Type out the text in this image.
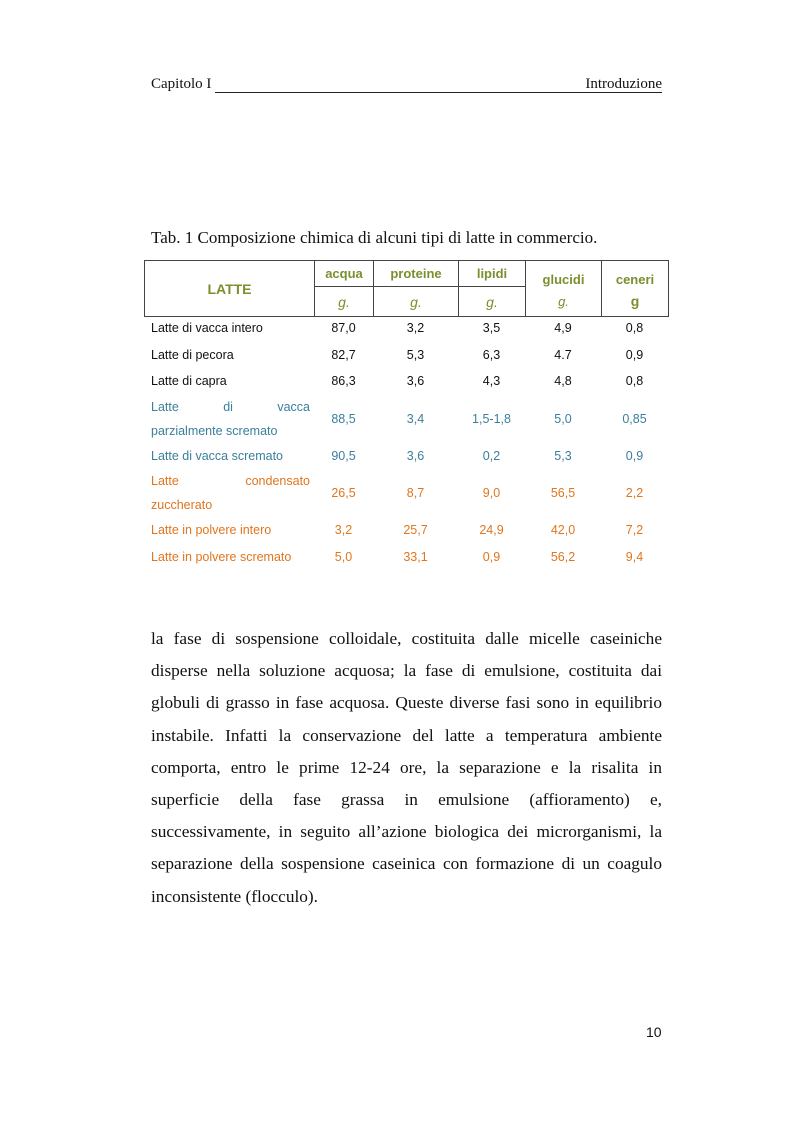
Capitolo I	Introduzione
Tab. 1 Composizione chimica di alcuni tipi di latte in commercio.
LATTE	acqua	proteine	lipidi	glucidi	ceneri
	g.	g.	g.	g.	g
Latte di vacca intero	87,0	3,2	3,5	4,9	0,8
Latte di pecora	82,7	5,3	6,3	4.7	0,9
Latte di capra	86,3	3,6	4,3	4,8	0,8

Latte di vacca
parzialmente scremato	88,5	3,4	1,5-1,8	5,0	0,85
Latte di vacca scremato	90,5	3,6	0,2	5,3	0,9

Latte condensato
zuccherato	26,5	8,7	9,0	56,5	2,2
Latte in polvere intero	3,2	25,7	24,9	42,0	7,2
Latte in polvere scremato	5,0	33,1	0,9	56,2	9,4
la fase di sospensione colloidale, costituita dalle micelle caseiniche disperse nella soluzione acquosa; la fase di emulsione, costituita dai globuli di grasso in fase acquosa. Queste diverse fasi sono in equilibrio instabile. Infatti la conservazione del latte a temperatura ambiente comporta, entro le prime 12-24 ore, la separazione e la risalita in superficie della fase grassa in emulsione (affioramento) e, successivamente, in seguito all’azione biologica dei microrganismi, la separazione della sospensione caseinica con formazione di un coagulo inconsistente (flocculo).
10
